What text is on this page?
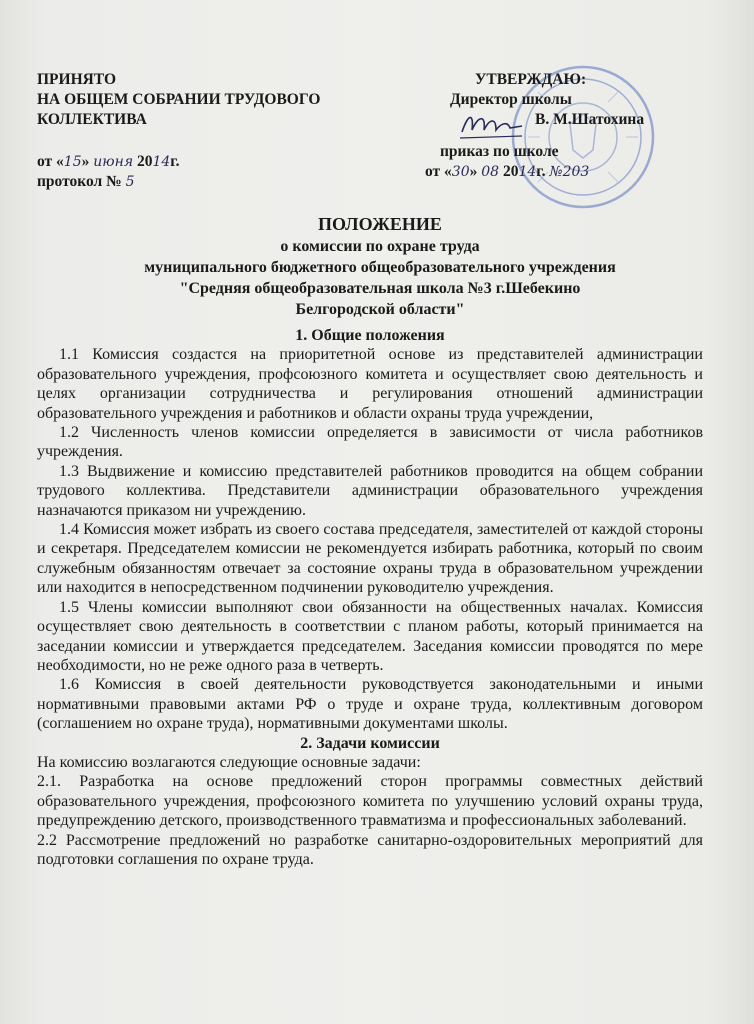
ПРИНЯТО
НА ОБЩЕМ СОБРАНИИ ТРУДОВОГО
КОЛЛЕКТИВА
от «15» июня 2014г.
протокол № 5
УТВЕРЖДАЮ:
Директор школы
В. М.Шатохина
приказ по школе
от «30» 08 2014г. №203
ПОЛОЖЕНИЕ
о комиссии по охране труда
муниципального бюджетного общеобразовательного учреждения
"Средняя общеобразовательная школа №3 г.Шебекино
Белгородской области"

1. Общие положения

1.1 Комиссия создастся на приоритетной основе из представителей администрации образовательного учреждения, профсоюзного комитета и осуществляет свою деятельность и целях организации сотрудничества и регулирования отношений администрации образовательного учреждения и работников и области охраны труда учреждении,

1.2 Численность членов комиссии определяется в зависимости от числа работников учреждения.

1.3 Выдвижение и комиссию представителей работников проводится на общем собрании трудового коллектива. Представители администрации образовательного учреждения назначаются приказом ни учреждению.

1.4 Комиссия может избрать из своего состава председателя, заместителей от каждой стороны и секретаря. Председателем комиссии не рекомендуется избирать работника, который по своим служебным обязанностям отвечает за состояние охраны труда в образовательном учреждении или находится в непосредственном подчинении руководителю учреждения.

1.5 Члены комиссии выполняют свои обязанности на общественных началах. Комиссия осуществляет свою деятельность в соответствии с планом работы, который принимается на заседании комиссии и утверждается председателем. Заседания комиссии проводятся по мере необходимости, но не реже одного раза в четверть.

1.6 Комиссия в своей деятельности руководствуется законодательными и иными нормативными правовыми актами РФ о труде и охране труда, коллективным договором (соглашением но охране труда), нормативными документами школы.

2. Задачи комиссии

На комиссию возлагаются следующие основные задачи:

2.1. Разработка на основе предложений сторон программы совместных действий образовательного учреждения, профсоюзного комитета по улучшению условий охраны труда, предупреждению детского, производственного травматизма и профессиональных заболеваний.

2.2 Рассмотрение предложений но разработке санитарно-оздоровительных мероприятий для подготовки соглашения по охране труда.
